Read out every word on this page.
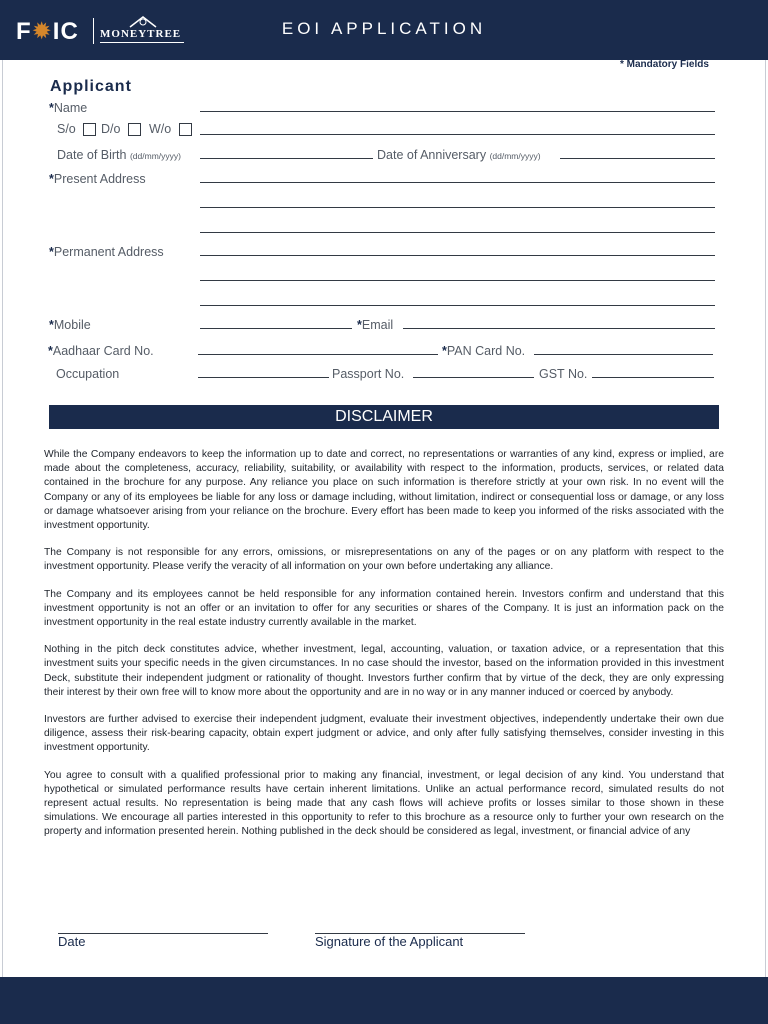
F✹IC MONEYTREE	EOI APPLICATION
* Mandatory Fields
Applicant
*Name
S/o D/o W/o
Date of Birth (dd/mm/yyyy)	Date of Anniversary (dd/mm/yyyy)
*Present Address
*Permanent Address
*Mobile	*Email
*Aadhaar Card No.	*PAN Card No.
Occupation	Passport No.	GST No.
DISCLAIMER

While the Company endeavors to keep the information up to date and correct, no representations or warranties of any kind, express or implied, are made about the completeness, accuracy, reliability, suitability, or availability with respect to the information, products, services, or related data contained in the brochure for any purpose. Any reliance you place on such information is therefore strictly at your own risk. In no event will the Company or any of its employees be liable for any loss or damage including, without limitation, indirect or consequential loss or damage, or any loss or damage whatsoever arising from your reliance on the brochure. Every effort has been made to keep you informed of the risks associated with the investment opportunity.

The Company is not responsible for any errors, omissions, or misrepresentations on any of the pages or on any platform with respect to the investment opportunity. Please verify the veracity of all information on your own before undertaking any alliance.

The Company and its employees cannot be held responsible for any information contained herein. Investors confirm and understand that this investment opportunity is not an offer or an invitation to offer for any securities or shares of the Company. It is just an information pack on the investment opportunity in the real estate industry currently available in the market.

Nothing in the pitch deck constitutes advice, whether investment, legal, accounting, valuation, or taxation advice, or a representation that this investment suits your specific needs in the given circumstances. In no case should the investor, based on the information provided in this investment Deck, substitute their independent judgment or rationality of thought. Investors further confirm that by virtue of the deck, they are only expressing their interest by their own free will to know more about the opportunity and are in no way or in any manner induced or coerced by anybody.

Investors are further advised to exercise their independent judgment, evaluate their investment objectives, independently undertake their own due diligence, assess their risk-bearing capacity, obtain expert judgment or advice, and only after fully satisfying themselves, consider investing in this investment opportunity.

You agree to consult with a qualified professional prior to making any financial, investment, or legal decision of any kind. You understand that hypothetical or simulated performance results have certain inherent limitations. Unlike an actual performance record, simulated results do not represent actual results. No representation is being made that any cash flows will achieve profits or losses similar to those shown in these simulations. We encourage all parties interested in this opportunity to refer to this brochure as a resource only to further your own research on the property and information presented herein. Nothing published in the deck should be considered as legal, investment, or financial advice of any

Date	Signature of the Applicant
